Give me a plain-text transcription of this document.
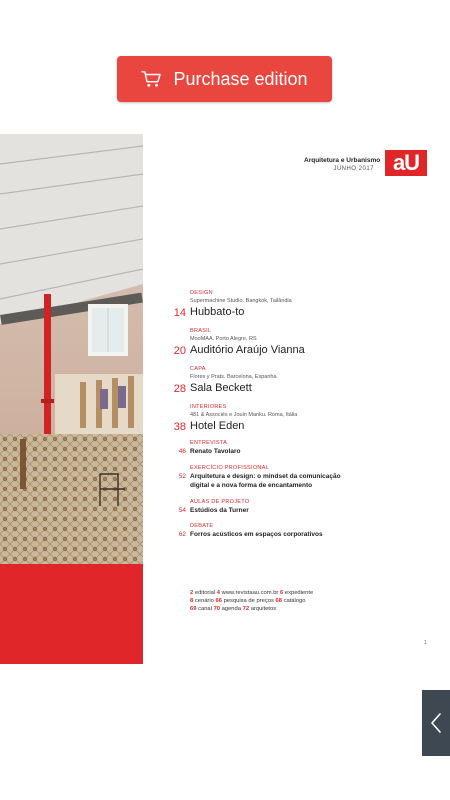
Purchase edition
Cicatrizes do passado são atenuadas em projeto do escritório Flores y Prats no coração de Barcelona. Foto de capa: Adrià Goula
Arquitetura e Urbanismo
JUNHO 2017 aU
DESIGN
Supermachine Studio. Bangkok, Tailândia
14 Hubbato-to
BRASIL
MooMAA. Porto Alegre, RS
20 Auditório Araújo Vianna
CAPA
Flores y Prats. Barcelona, Espanha
28 Sala Beckett
INTERIORES
481 & Associés e Jouin Manku. Roma, Itália
38 Hotel Eden
ENTREVISTA
46 Renato Tavolaro
EXERCÍCIO PROFISSIONAL
52 Arquitetura e design: o mindset da comunicação digital e a nova forma de encantamento
AULAS DE PROJETO
54 Estúdios da Turner
DEBATE
62 Forros acústicos em espaços corporativos
2 editorial 4 www.revistaau.com.br 6 expediente
8 cenário 66 pesquisa de preços 68 catálogo
69 canal 70 agenda 72 arquitetos
1
